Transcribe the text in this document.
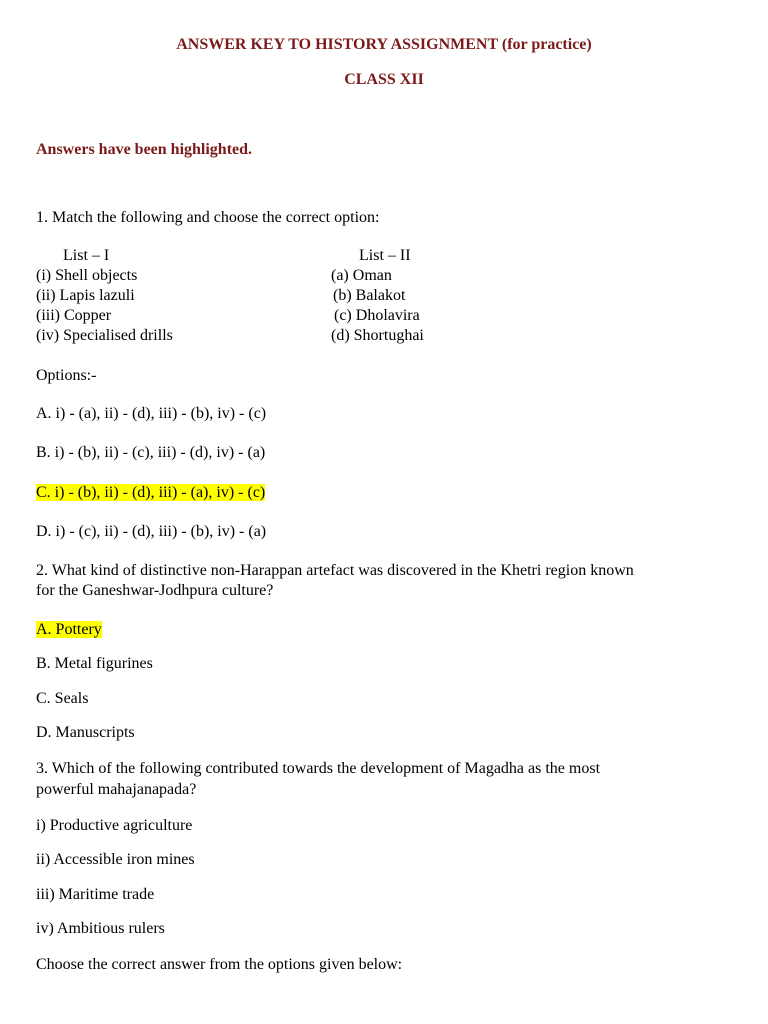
ANSWER KEY TO HISTORY ASSIGNMENT (for practice)
CLASS XII
Answers have been highlighted.
1. Match the following and choose the correct option:
List – I	List – II
(i) Shell objects
(ii) Lapis lazuli
(iii) Copper
(iv) Specialised drills
(a) Oman
(b) Balakot
(c) Dholavira
(d) Shortughai
Options:-
A. i) - (a), ii) - (d), iii) - (b), iv) - (c)
B. i) - (b), ii) - (c), iii) - (d), iv) - (a)
C. i) - (b), ii) - (d), iii) - (a), iv) - (c)
D. i) - (c), ii) - (d), iii) - (b), iv) - (a)
2. What kind of distinctive non-Harappan artefact was discovered in the Khetri region known
for the Ganeshwar-Jodhpura culture?
A. Pottery
B. Metal figurines
C. Seals
D. Manuscripts
3. Which of the following contributed towards the development of Magadha as the most
powerful mahajanapada?
i) Productive agriculture
ii) Accessible iron mines
iii) Maritime trade
iv) Ambitious rulers
Choose the correct answer from the options given below:
